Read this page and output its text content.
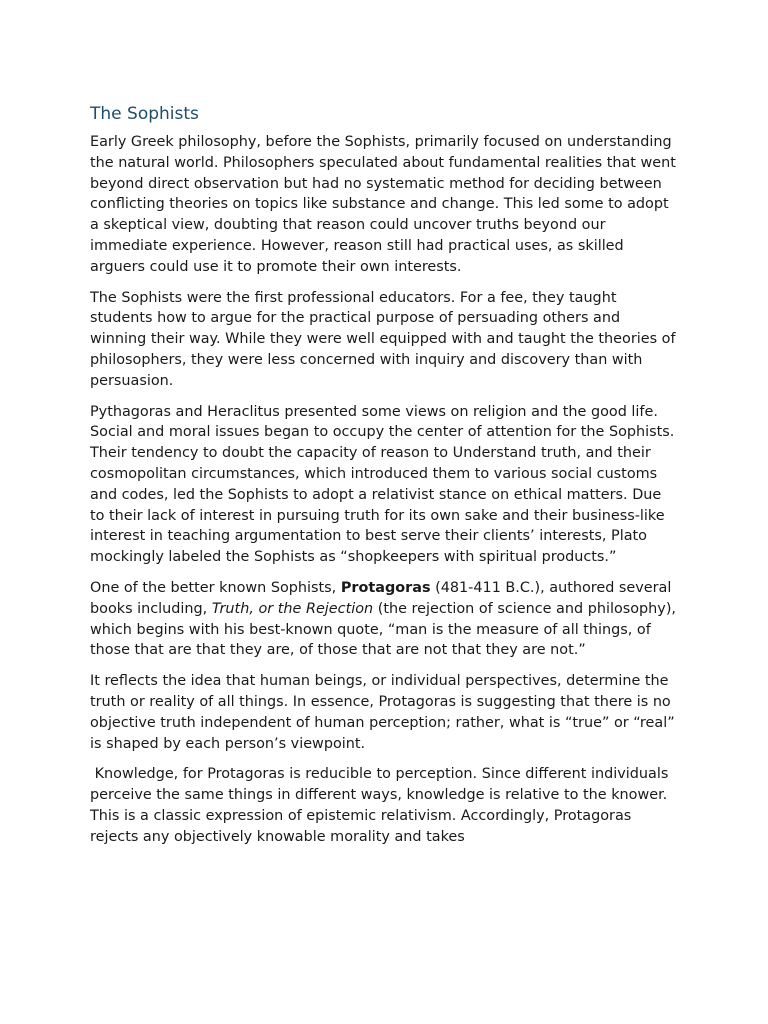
The Sophists

Early Greek philosophy, before the Sophists, primarily focused on understanding the natural world. Philosophers speculated about fundamental realities that went beyond direct observation but had no systematic method for deciding between conflicting theories on topics like substance and change. This led some to adopt a skeptical view, doubting that reason could uncover truths beyond our immediate experience. However, reason still had practical uses, as skilled arguers could use it to promote their own interests.

The Sophists were the first professional educators. For a fee, they taught students how to argue for the practical purpose of persuading others and winning their way. While they were well equipped with and taught the theories of philosophers, they were less concerned with inquiry and discovery than with persuasion.

Pythagoras and Heraclitus presented some views on religion and the good life. Social and moral issues began to occupy the center of attention for the Sophists. Their tendency to doubt the capacity of reason to Understand truth, and their cosmopolitan circumstances, which introduced them to various social customs and codes, led the Sophists to adopt a relativist stance on ethical matters. Due to their lack of interest in pursuing truth for its own sake and their business-like interest in teaching argumentation to best serve their clients’ interests, Plato mockingly labeled the Sophists as “shopkeepers with spiritual products.”

One of the better known Sophists, Protagoras (481-411 B.C.), authored several books including, Truth, or the Rejection (the rejection of science and philosophy), which begins with his best-known quote, “man is the measure of all things, of those that are that they are, of those that are not that they are not.”

It reflects the idea that human beings, or individual perspectives, determine the truth or reality of all things. In essence, Protagoras is suggesting that there is no objective truth independent of human perception; rather, what is “true” or “real” is shaped by each person’s viewpoint.

Knowledge, for Protagoras is reducible to perception. Since different individuals perceive the same things in different ways, knowledge is relative to the knower. This is a classic expression of epistemic relativism. Accordingly, Protagoras rejects any objectively knowable morality and takes
